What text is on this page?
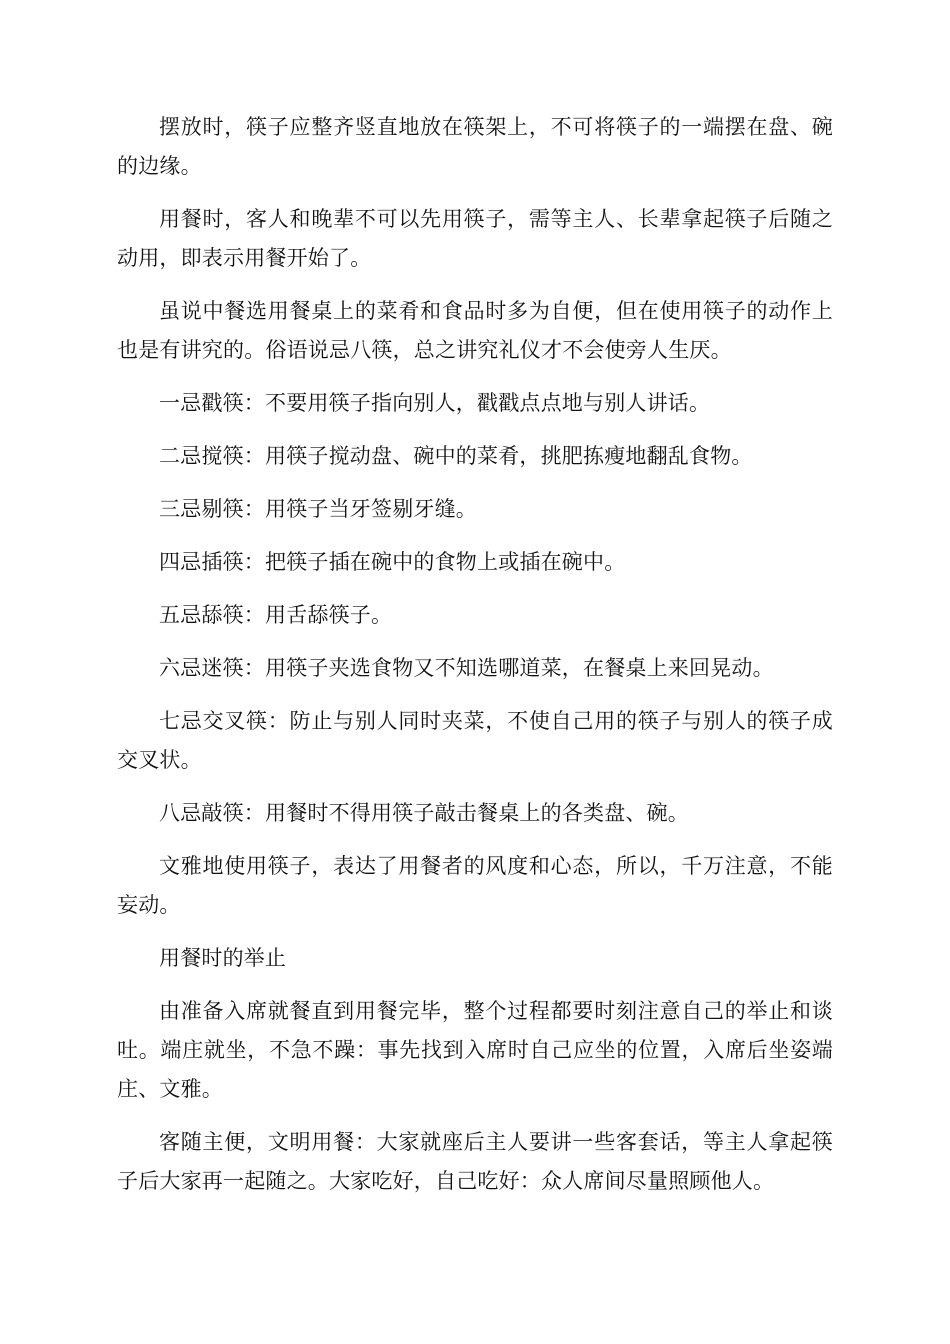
摆放时，筷子应整齐竖直地放在筷架上，不可将筷子的一端摆在盘、碗的边缘。

用餐时，客人和晚辈不可以先用筷子，需等主人、长辈拿起筷子后随之动用，即表示用餐开始了。

虽说中餐选用餐桌上的菜肴和食品时多为自便，但在使用筷子的动作上也是有讲究的。俗语说忌八筷，总之讲究礼仪才不会使旁人生厌。

一忌戳筷：不要用筷子指向别人，戳戳点点地与别人讲话。

二忌搅筷：用筷子搅动盘、碗中的菜肴，挑肥拣瘦地翻乱食物。

三忌剔筷：用筷子当牙签剔牙缝。

四忌插筷：把筷子插在碗中的食物上或插在碗中。

五忌舔筷：用舌舔筷子。

六忌迷筷：用筷子夹选食物又不知选哪道菜，在餐桌上来回晃动。

七忌交叉筷：防止与别人同时夹菜，不使自己用的筷子与别人的筷子成交叉状。

八忌敲筷：用餐时不得用筷子敲击餐桌上的各类盘、碗。

文雅地使用筷子，表达了用餐者的风度和心态，所以，千万注意，不能妄动。

用餐时的举止

由准备入席就餐直到用餐完毕，整个过程都要时刻注意自己的举止和谈吐。端庄就坐，不急不躁：事先找到入席时自己应坐的位置，入席后坐姿端庄、文雅。

客随主便，文明用餐：大家就座后主人要讲一些客套话，等主人拿起筷子后大家再一起随之。大家吃好，自己吃好：众人席间尽量照顾他人。
